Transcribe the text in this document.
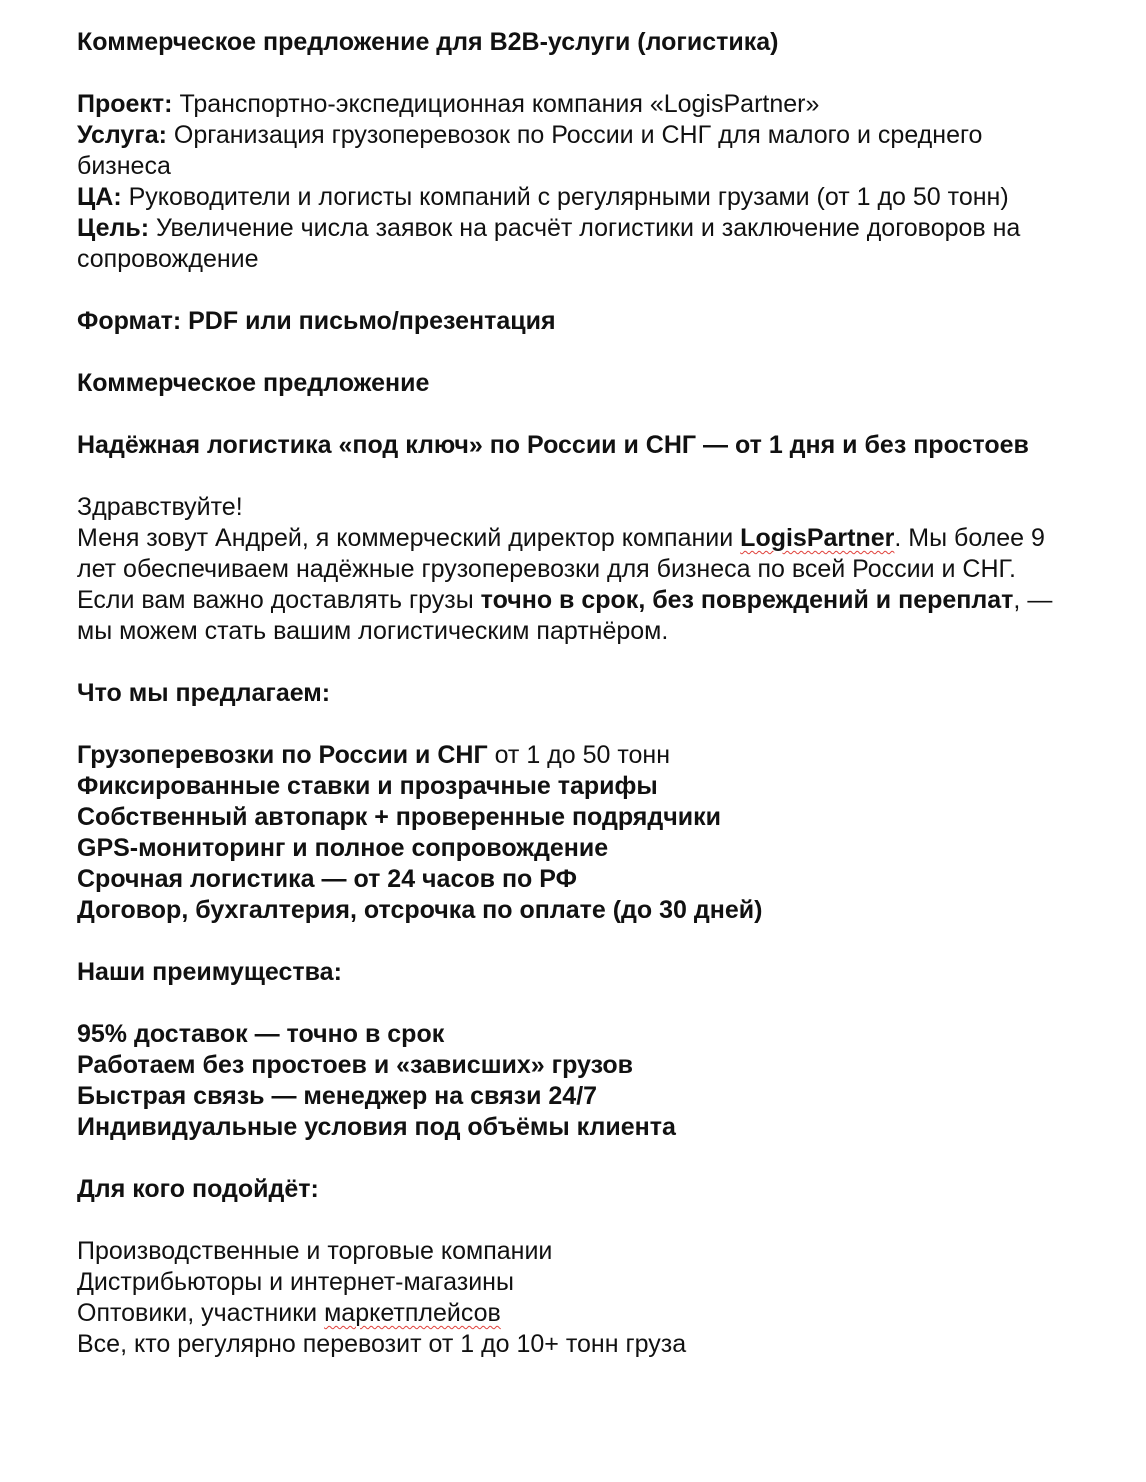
Коммерческое предложение для B2B-услуги (логистика)

Проект: Транспортно-экспедиционная компания «LogisPartner»

Услуга: Организация грузоперевозок по России и СНГ для малого и среднего бизнеса

ЦА: Руководители и логисты компаний с регулярными грузами (от 1 до 50 тонн)

Цель: Увеличение числа заявок на расчёт логистики и заключение договоров на сопровождение

Формат: PDF или письмо/презентация

Коммерческое предложение

Надёжная логистика «под ключ» по России и СНГ — от 1 дня и без простоев

Здравствуйте!

Меня зовут Андрей, я коммерческий директор компании LogisPartner. Мы более 9 лет обеспечиваем надёжные грузоперевозки для бизнеса по всей России и СНГ.

Если вам важно доставлять грузы точно в срок, без повреждений и переплат, — мы можем стать вашим логистическим партнёром.

Что мы предлагаем:

Грузоперевозки по России и СНГ от 1 до 50 тонн

Фиксированные ставки и прозрачные тарифы

Собственный автопарк + проверенные подрядчики

GPS-мониторинг и полное сопровождение

Срочная логистика — от 24 часов по РФ

Договор, бухгалтерия, отсрочка по оплате (до 30 дней)

Наши преимущества:

95% доставок — точно в срок

Работаем без простоев и «зависших» грузов

Быстрая связь — менеджер на связи 24/7

Индивидуальные условия под объёмы клиента

Для кого подойдёт:

Производственные и торговые компании

Дистрибьюторы и интернет-магазины

Оптовики, участники маркетплейсов

Все, кто регулярно перевозит от 1 до 10+ тонн груза
